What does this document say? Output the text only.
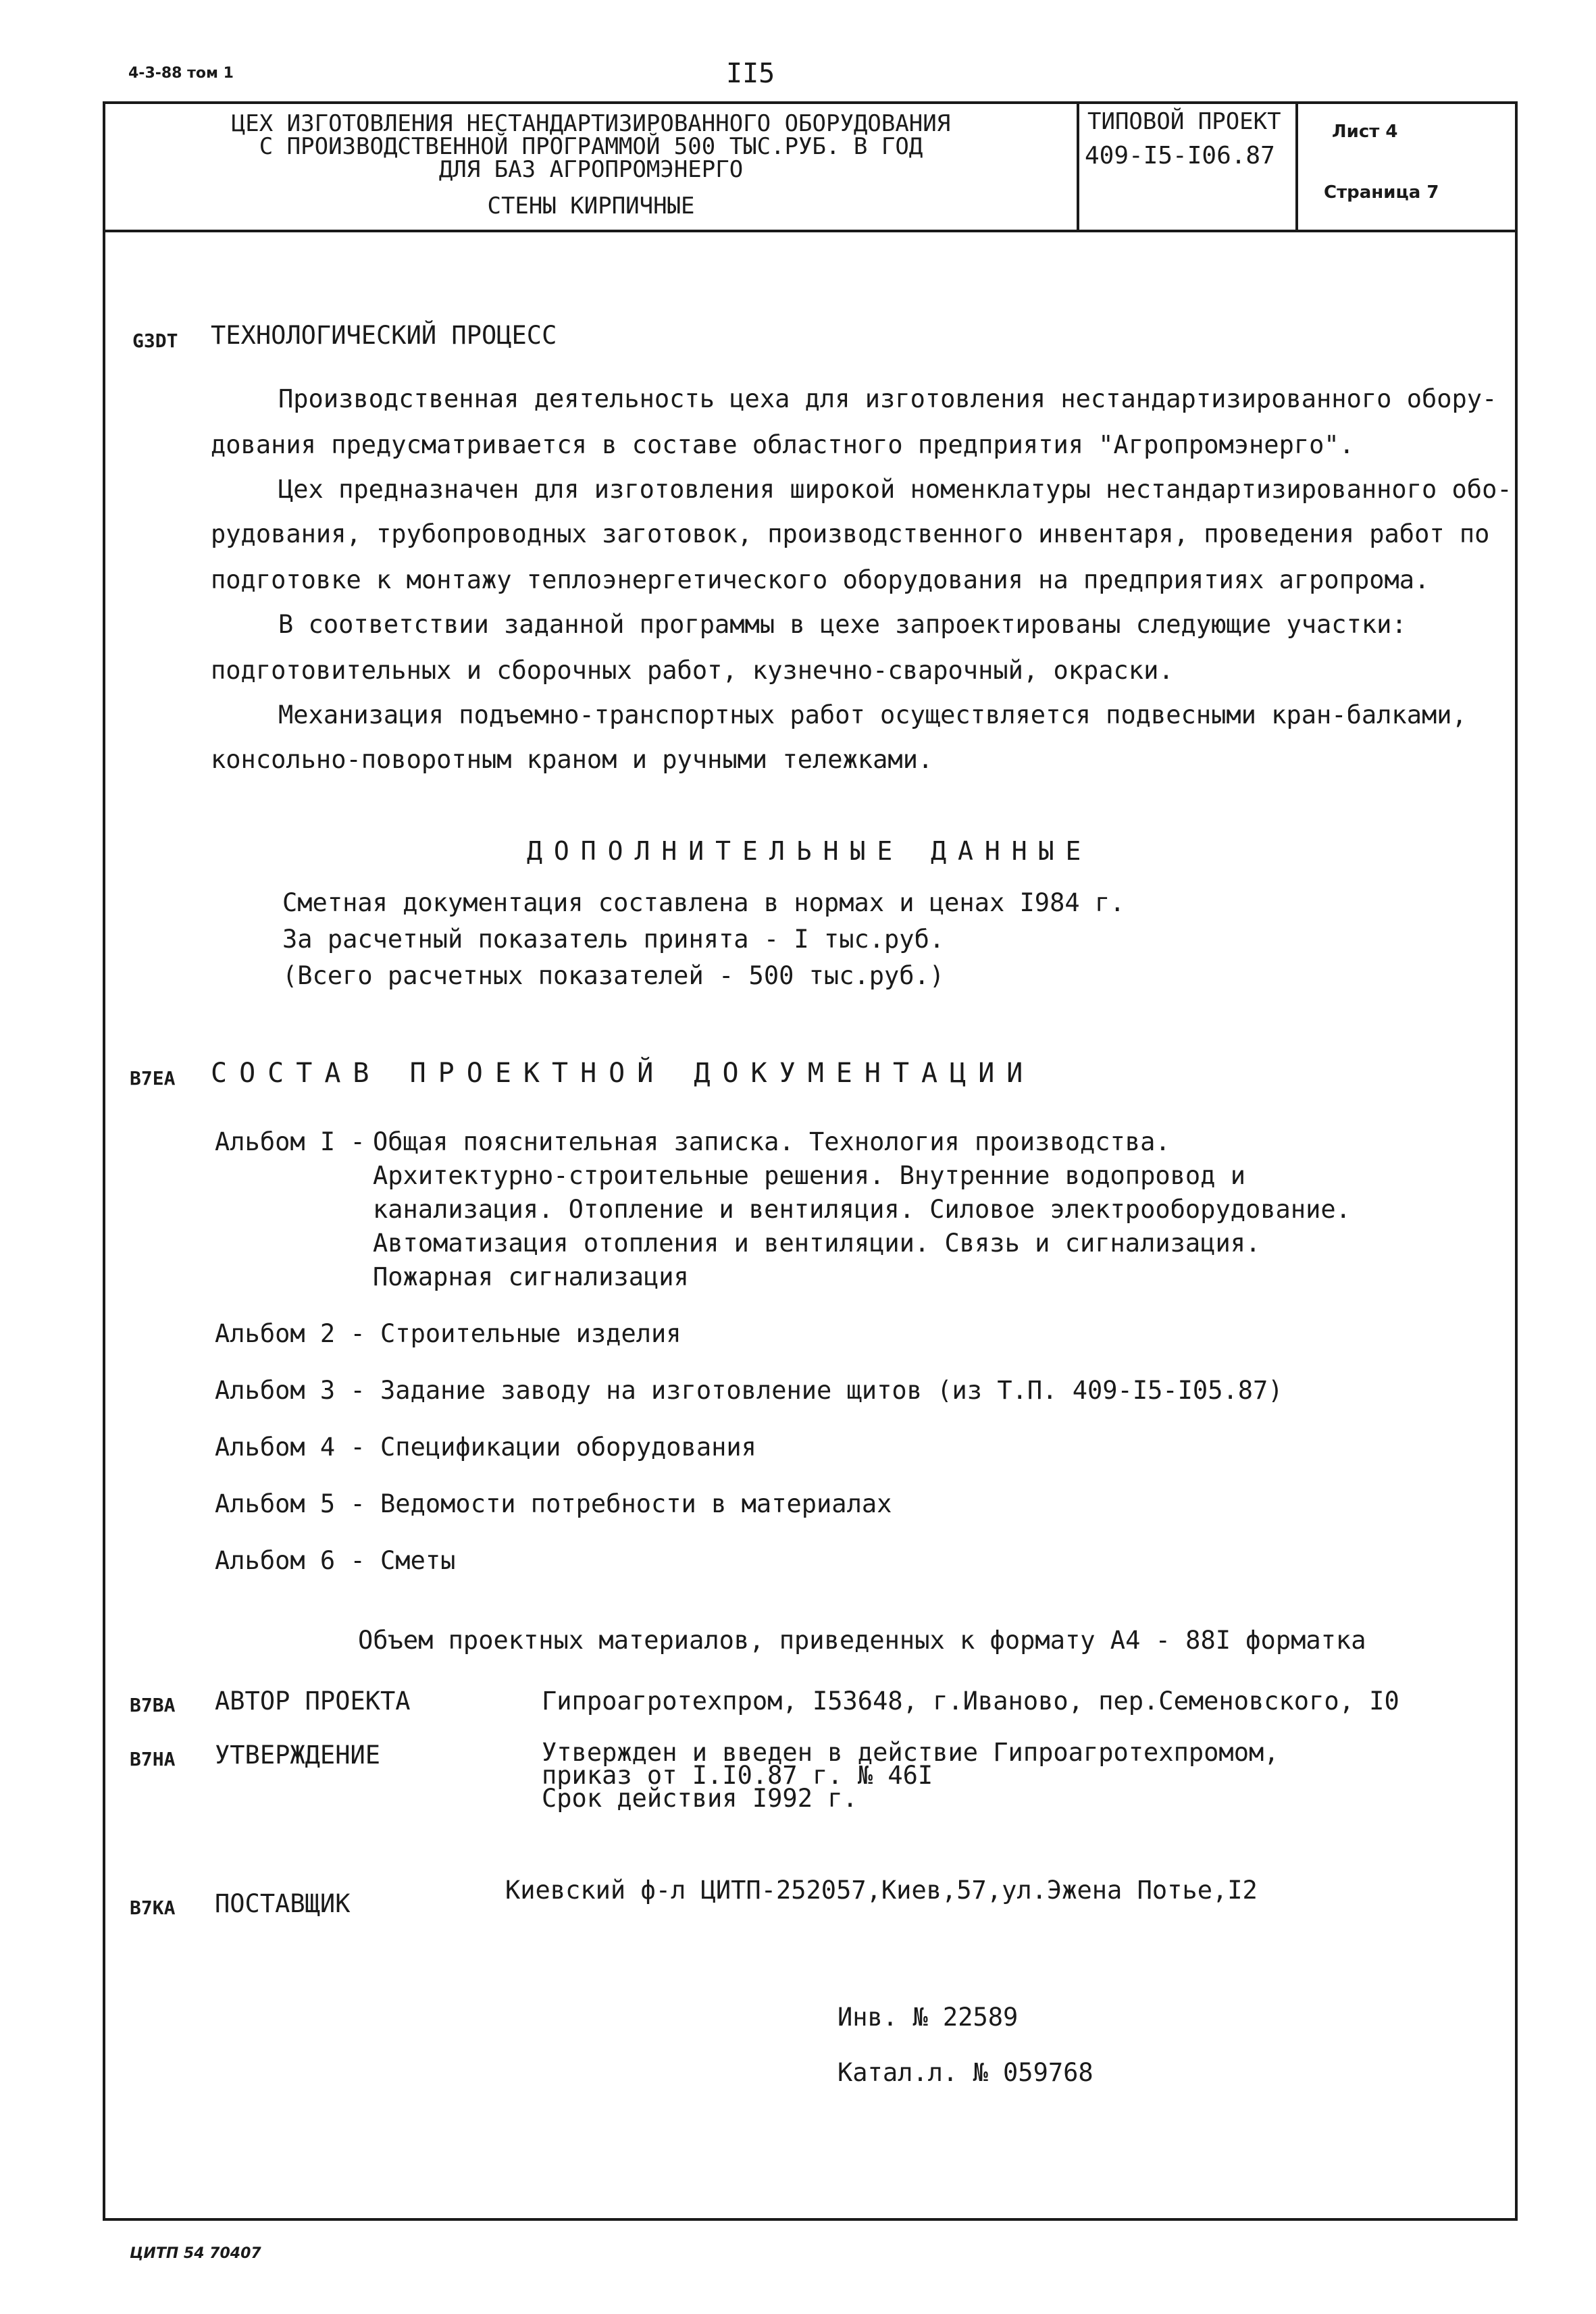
4-3-88 том 1	II5
ЦЕХ ИЗГОТОВЛЕНИЯ НЕСТАНДАРТИЗИРОВАННОГО ОБОРУДОВАНИЯ
С ПРОИЗВОДСТВЕННОЙ ПРОГРАММОЙ 500 ТЫС.РУБ. В ГОД
ДЛЯ БАЗ АГРОПРОМЭНЕРГО
СТЕНЫ КИРПИЧНЫЕ
ТИПОВОЙ ПРОЕКТ
409-I5-I06.87
Лист 4
Страница 7
G3DT ТЕХНОЛОГИЧЕСКИЙ ПРОЦЕСС
Производственная деятельность цеха для изготовления нестандартизированного обору-
дования предусматривается в составе областного предприятия "Агропромэнерго".
Цех предназначен для изготовления широкой номенклатуры нестандартизированного обо-
рудования, трубопроводных заготовок, производственного инвентаря, проведения работ по
подготовке к монтажу теплоэнергетического оборудования на предприятиях агропрома.
В соответствии заданной программы в цехе запроектированы следующие участки:
подготовительных и сборочных работ, кузнечно-сварочный, окраски.
Механизация подъемно-транспортных работ осуществляется подвесными кран-балками,
консольно-поворотным краном и ручными тележками.
ДОПОЛНИТЕЛЬНЫЕ ДАННЫЕ
Сметная документация составлена в нормах и ценах I984 г.
За расчетный показатель принята - I тыс.руб.
(Всего расчетных показателей - 500 тыс.руб.)
B7EA СОСТАВ ПРОЕКТНОЙ ДОКУМЕНТАЦИИ
Альбом I - Общая пояснительная записка. Технология производства.
Архитектурно-строительные решения. Внутренние водопровод и
канализация. Отопление и вентиляция. Силовое электрооборудование.
Автоматизация отопления и вентиляции. Связь и сигнализация.
Пожарная сигнализация
Альбом 2 - Строительные изделия
Альбом 3 - Задание заводу на изготовление щитов (из Т.П. 409-I5-I05.87)
Альбом 4 - Спецификации оборудования
Альбом 5 - Ведомости потребности в материалах
Альбом 6 - Сметы
Объем проектных материалов, приведенных к формату А4 - 88I форматка
B7BA АВТОР ПРОЕКТА	Гипроагротехпром, I53648, г.Иваново, пер.Семеновского, I0
B7HA УТВЕРЖДЕНИЕ	Утвержден и введен в действие Гипроагротехпромом,
приказ от I.I0.87 г. № 46I
Срок действия I992 г.
B7KA ПОСТАВЩИК	Киевский ф-л ЦИТП-252057,Киев,57,ул.Эжена Потье,I2
Инв. № 22589
Катал.л. № 059768
ЦИТП 54 70407
